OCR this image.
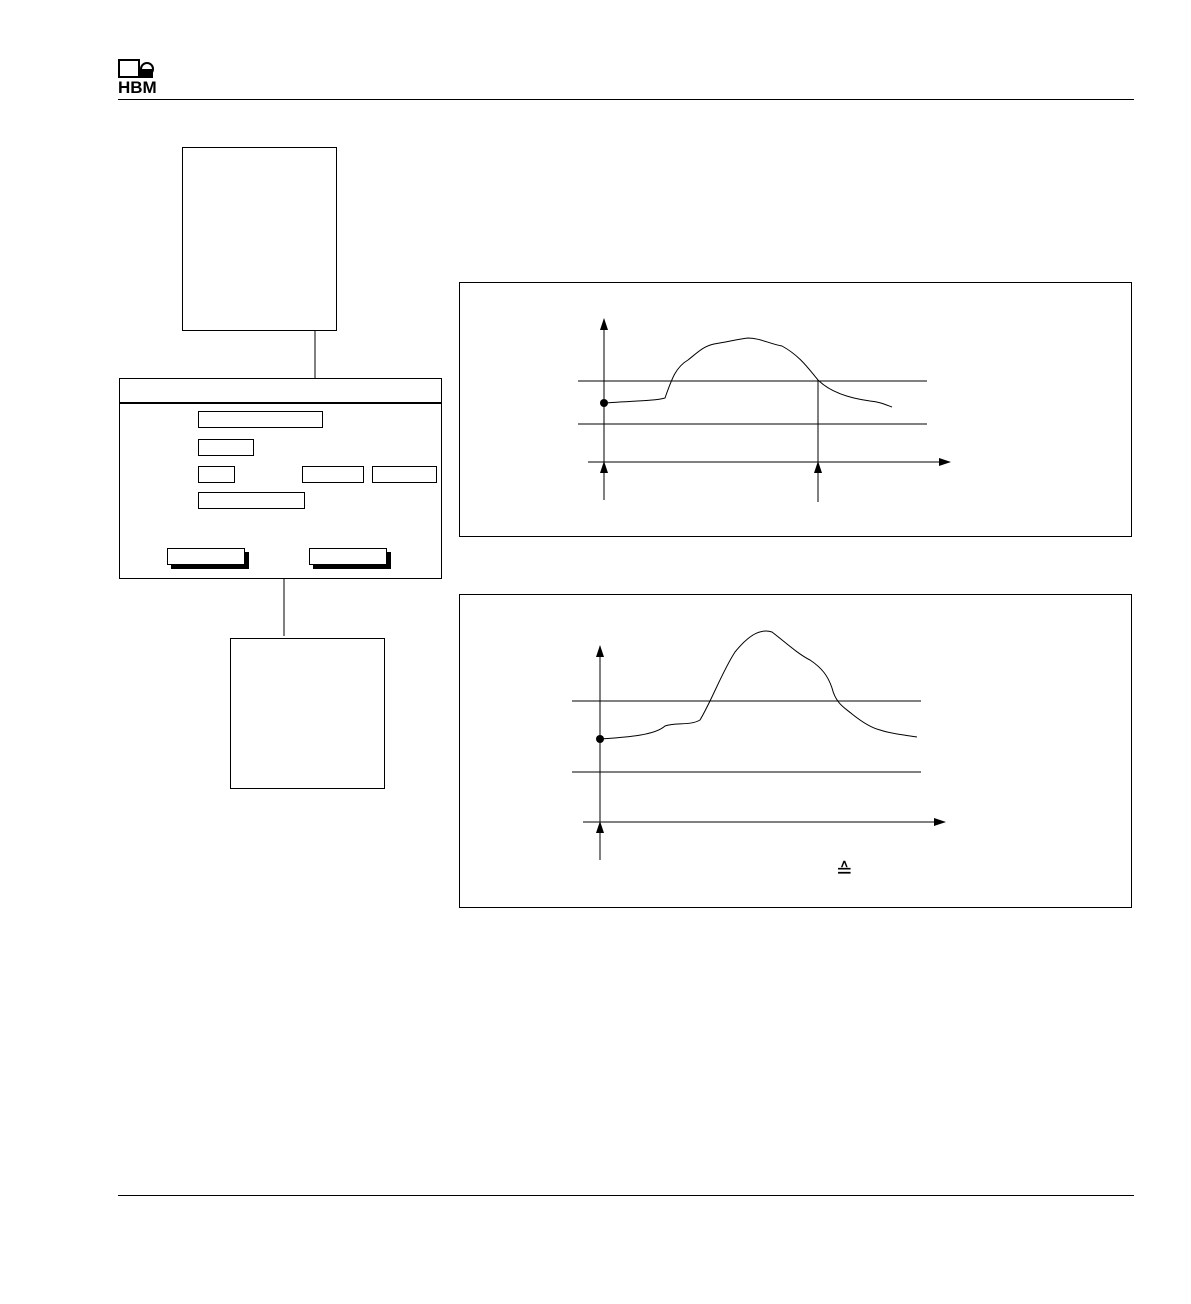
HBM
≙
